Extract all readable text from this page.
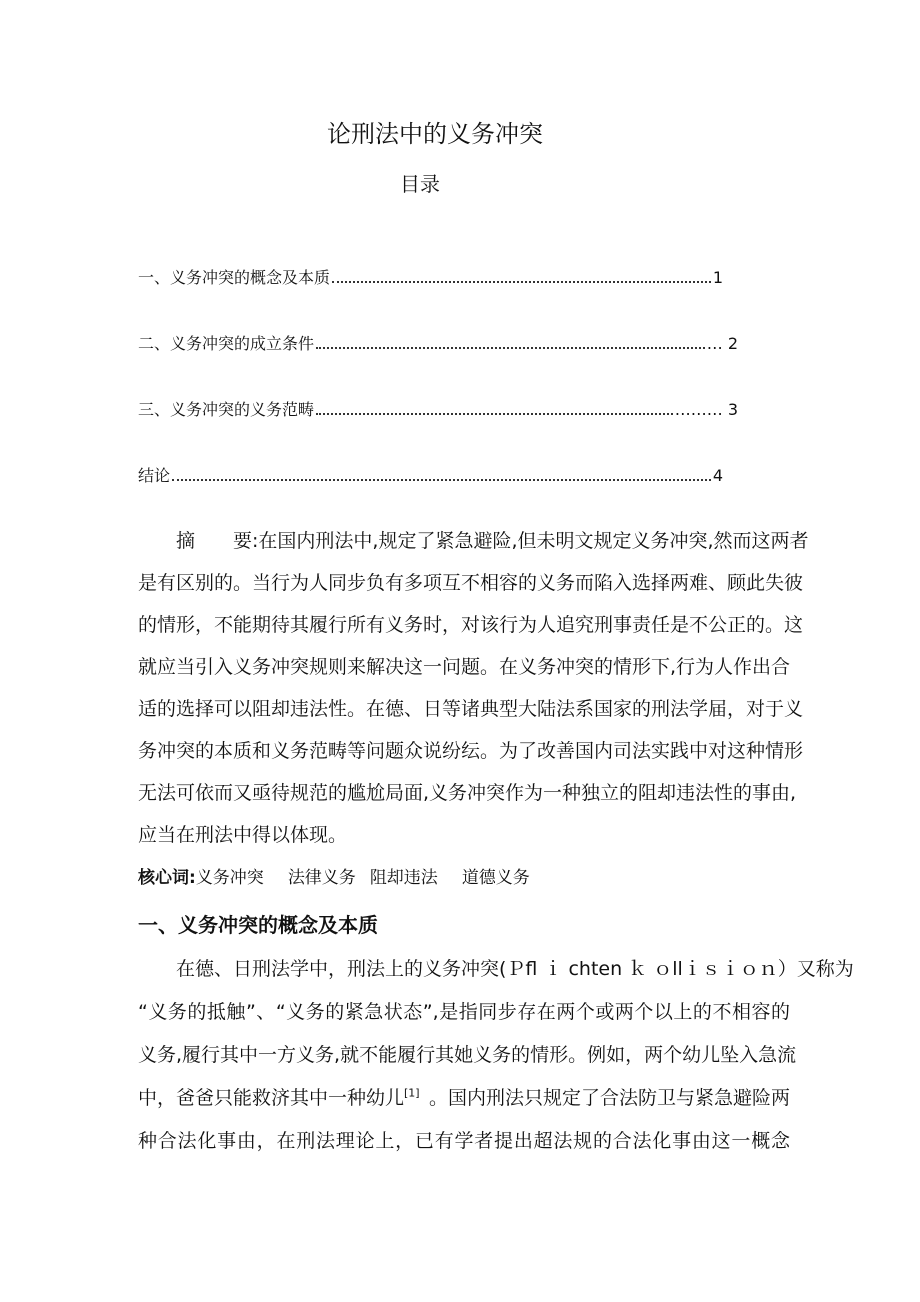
论刑法中的义务冲突
目录
一、义务冲突的概念及本质	1
二、义务冲突的成立条件	… 2
三、义务冲突的义务范畴	……… 3
结论	4
　　摘　　要:在国内刑法中,规定了紧急避险,但未明文规定义务冲突,然而这两者
是有区别的。当行为人同步负有多项互不相容的义务而陷入选择两难、顾此失彼
的情形，不能期待其履行所有义务时，对该行为人追究刑事责任是不公正的。这
就应当引入义务冲突规则来解决这一问题。在义务冲突的情形下,行为人作出合
适的选择可以阻却违法性。在德、日等诸典型大陆法系国家的刑法学届，对于义
务冲突的本质和义务范畴等问题众说纷纭。为了改善国内司法实践中对这种情形
无法可依而又亟待规范的尴尬局面,义务冲突作为一种独立的阻却违法性的事由,
应当在刑法中得以体现。
核心词:义务冲突 法律义务 阻却违法 道德义务
一、义务冲突的概念及本质
　　在德、日刑法学中，刑法上的义务冲突(Ｐfl ｉ chten ｋ ｏllｉｓｉｏｎ）又称为
“义务的抵触”、“义务的紧急状态”,是指同步存在两个或两个以上的不相容的
义务,履行其中一方义务,就不能履行其她义务的情形。例如，两个幼儿坠入急流
中，爸爸只能救济其中一种幼儿[1] 。国内刑法只规定了合法防卫与紧急避险两
种合法化事由，在刑法理论上，已有学者提出超法规的合法化事由这一概念
